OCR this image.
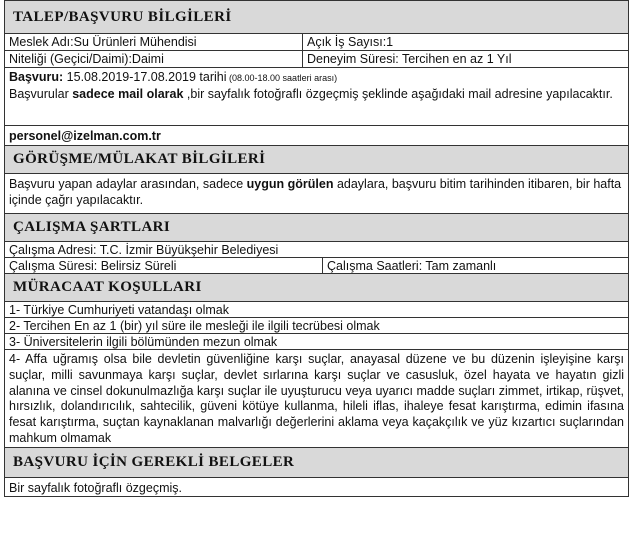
TALEP/BAŞVURU BİLGİLERİ
Meslek Adı:Su Ürünleri Mühendisi	Açık İş Sayısı:1
Niteliği (Geçici/Daimi):Daimi	Deneyim Süresi: Tercihen en az 1 Yıl
Başvuru: 15.08.2019-17.08.2019 tarihi (08.00-18.00 saatleri arası)
Başvurular sadece mail olarak ,bir sayfalık fotoğraflı özgeçmiş şeklinde aşağıdaki mail adresine yapılacaktır.
personel@izelman.com.tr
GÖRÜŞME/MÜLAKAT BİLGİLERİ
Başvuru yapan adaylar arasından, sadece uygun görülen adaylara, başvuru bitim tarihinden itibaren, bir hafta içinde çağrı yapılacaktır.
ÇALIŞMA ŞARTLARI
Çalışma Adresi: T.C. İzmir Büyükşehir Belediyesi
Çalışma Süresi: Belirsiz Süreli	Çalışma Saatleri: Tam zamanlı
MÜRACAAT KOŞULLARI
1- Türkiye Cumhuriyeti vatandaşı olmak
2- Tercihen En az 1 (bir) yıl süre ile mesleği ile ilgili tecrübesi olmak
3- Üniversitelerin ilgili bölümünden mezun olmak
4- Affa uğramış olsa bile devletin güvenliğine karşı suçlar, anayasal düzene ve bu düzenin işleyişine karşı suçlar, milli savunmaya karşı suçlar, devlet sırlarına karşı suçlar ve casusluk, özel hayata ve hayatın gizli alanına ve cinsel dokunulmazlığa karşı suçlar ile uyuşturucu veya uyarıcı madde suçları zimmet, irtikap, rüşvet, hırsızlık, dolandırıcılık, sahtecilik, güveni kötüye kullanma, hileli iflas, ihaleye fesat karıştırma, edimin ifasına fesat karıştırma, suçtan kaynaklanan malvarlığı değerlerini aklama veya kaçakçılık ve yüz kızartıcı suçlarından mahkum olmamak
BAŞVURU İÇİN GEREKLİ BELGELER
Bir sayfalık fotoğraflı özgeçmiş.
